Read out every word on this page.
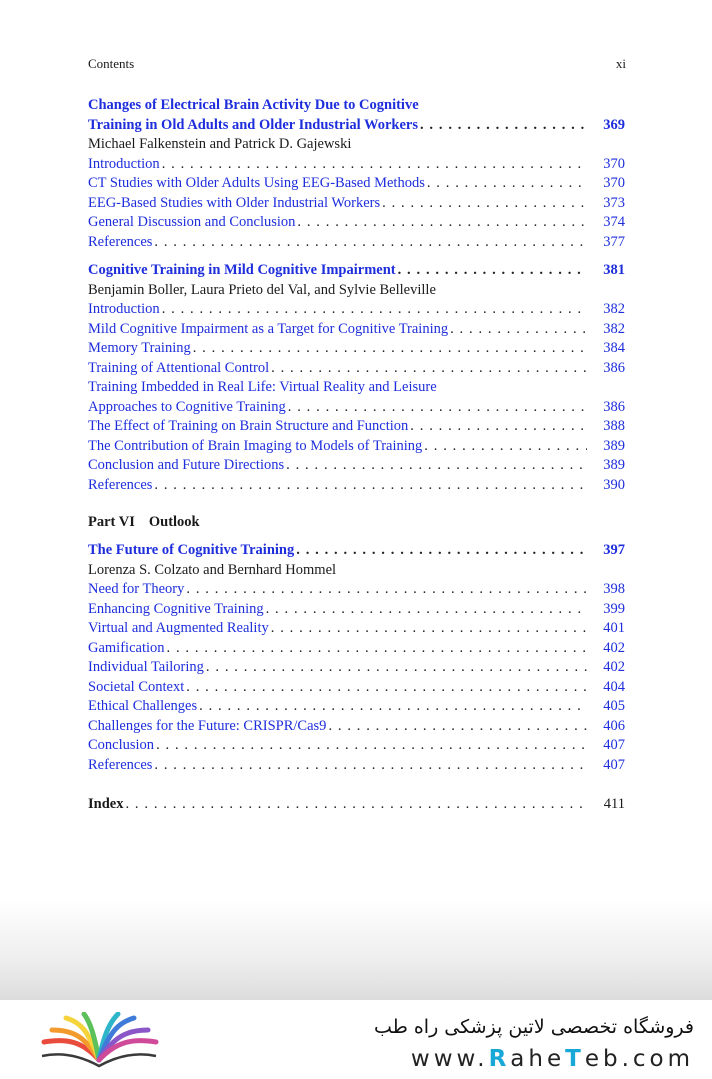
Contents	xi
Changes of Electrical Brain Activity Due to Cognitive
Training in Old Adults and Older Industrial Workers . . .	369
Michael Falkenstein and Patrick D. Gajewski
Introduction . . .	370
CT Studies with Older Adults Using EEG-Based Methods . . .	370
EEG-Based Studies with Older Industrial Workers . . .	373
General Discussion and Conclusion . . .	374
References . . .	377
Cognitive Training in Mild Cognitive Impairment . . .	381
Benjamin Boller, Laura Prieto del Val, and Sylvie Belleville
Introduction . . .	382
Mild Cognitive Impairment as a Target for Cognitive Training . . .	382
Memory Training . . .	384
Training of Attentional Control . . .	386
Training Imbedded in Real Life: Virtual Reality and Leisure
Approaches to Cognitive Training . . .	386
The Effect of Training on Brain Structure and Function . . .	388
The Contribution of Brain Imaging to Models of Training . . .	389
Conclusion and Future Directions . . .	389
References . . .	390
Part VI Outlook
The Future of Cognitive Training . . .	397
Lorenza S. Colzato and Bernhard Hommel
Need for Theory . . .	398
Enhancing Cognitive Training . . .	399
Virtual and Augmented Reality . . .	401
Gamification . . .	402
Individual Tailoring . . .	402
Societal Context . . .	404
Ethical Challenges . . .	405
Challenges for the Future: CRISPR/Cas9 . . .	406
Conclusion . . .	407
References . . .	407
Index . . .	411
فروشگاه تخصصی لاتین پزشکی راه طب
www.RaheTeb.com
